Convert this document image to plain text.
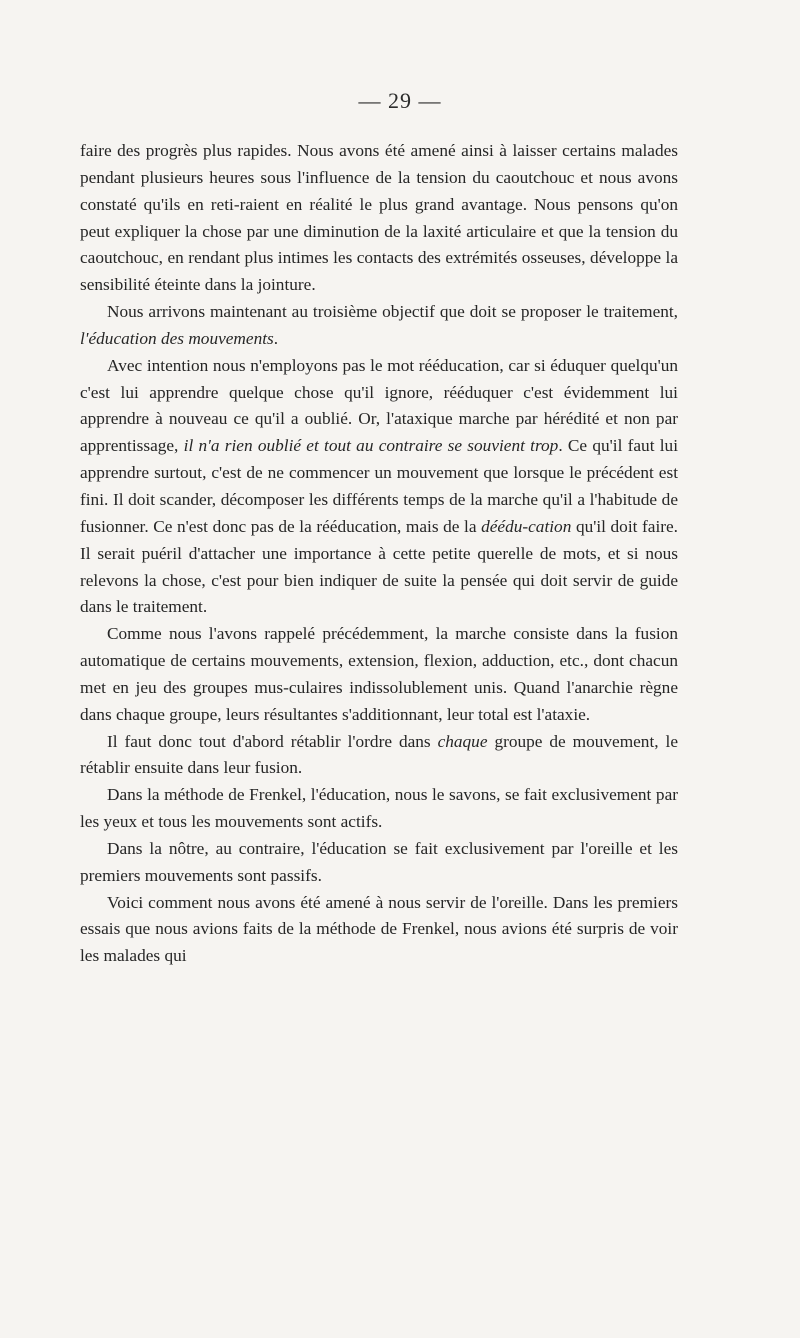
— 29 —

faire des progrès plus rapides. Nous avons été amené ainsi à laisser certains malades pendant plusieurs heures sous l'influence de la tension du caoutchouc et nous avons constaté qu'ils en reti-raient en réalité le plus grand avantage. Nous pensons qu'on peut expliquer la chose par une diminution de la laxité articulaire et que la tension du caoutchouc, en rendant plus intimes les contacts des extrémités osseuses, développe la sensibilité éteinte dans la jointure.

Nous arrivons maintenant au troisième objectif que doit se proposer le traitement, l'éducation des mouvements.

Avec intention nous n'employons pas le mot rééducation, car si éduquer quelqu'un c'est lui apprendre quelque chose qu'il ignore, rééduquer c'est évidemment lui apprendre à nouveau ce qu'il a oublié. Or, l'ataxique marche par hérédité et non par apprentissage, il n'a rien oublié et tout au contraire se souvient trop. Ce qu'il faut lui apprendre surtout, c'est de ne commencer un mouvement que lorsque le précédent est fini. Il doit scander, décomposer les différents temps de la marche qu'il a l'habitude de fusionner. Ce n'est donc pas de la rééducation, mais de la déédu-cation qu'il doit faire. Il serait puéril d'attacher une importance à cette petite querelle de mots, et si nous relevons la chose, c'est pour bien indiquer de suite la pensée qui doit servir de guide dans le traitement.

Comme nous l'avons rappelé précédemment, la marche consiste dans la fusion automatique de certains mouvements, extension, flexion, adduction, etc., dont chacun met en jeu des groupes mus-culaires indissolublement unis. Quand l'anarchie règne dans chaque groupe, leurs résultantes s'additionnant, leur total est l'ataxie.

Il faut donc tout d'abord rétablir l'ordre dans chaque groupe de mouvement, le rétablir ensuite dans leur fusion.

Dans la méthode de Frenkel, l'éducation, nous le savons, se fait exclusivement par les yeux et tous les mouvements sont actifs.

Dans la nôtre, au contraire, l'éducation se fait exclusivement par l'oreille et les premiers mouvements sont passifs.

Voici comment nous avons été amené à nous servir de l'oreille. Dans les premiers essais que nous avions faits de la méthode de Frenkel, nous avions été surpris de voir les malades qui
